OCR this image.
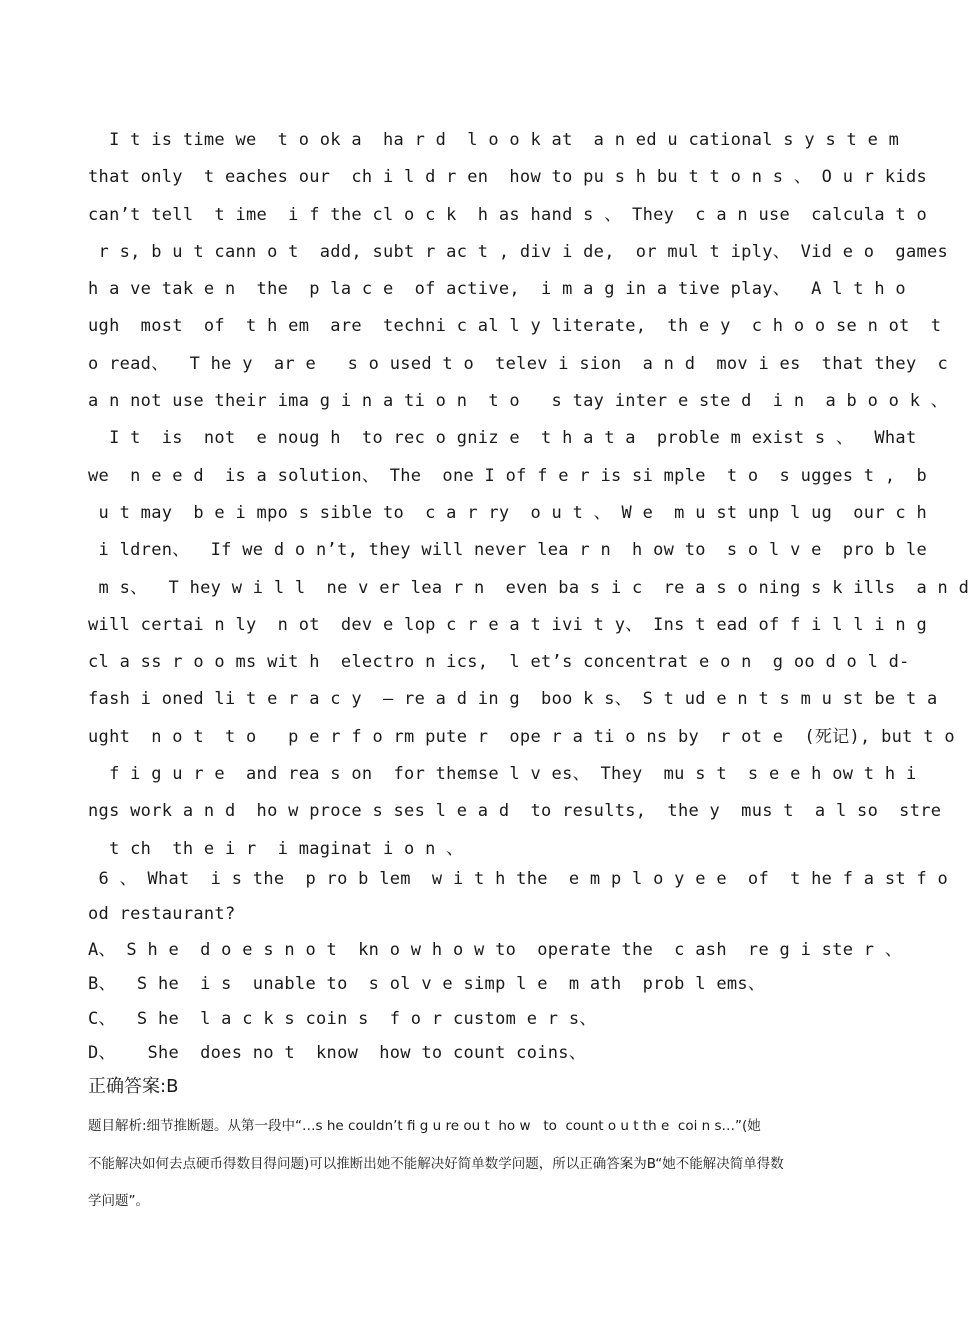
I t is time we  t o ok a  ha r d  l o o k at  a n ed u cational s y s t e m
that only  t eaches our  ch i l d r en  how to pu s h bu t t o n s 、 O u r kids
can’t tell  t ime  i f the cl o c k  h as hand s 、 They  c a n use  calcula t o
r s, b u t cann o t  add, subt r ac t , div i de,  or mul t iply、 Vid e o  games
h a ve tak e n  the  p la c e  of active,  i m a g in a tive play、  A l t h o
ugh  most  of  t h em  are  techni c al l y literate,  th e y  c h o o se n ot  t
o read、  T he y  ar e   s o used t o  telev i sion  a n d  mov i es  that they  c
a n not use their ima g i n a ti o n  t o   s tay inter e ste d  i n  a b o o k 、
I t  is  not  e noug h  to rec o gniz e  t h a t a  proble m exist s 、  What
we  n e e d  is a solution、 The  one I of f e r is si mple  t o  s ugges t ,  b
u t may  b e i mpo s sible to  c a r ry  o u t 、 W e  m u st unp l ug  our c h
i ldren、  If we d o n’t, they will never lea r n  h ow to  s o l v e  pro b le
m s、  T hey w i l l  ne v er lea r n  even ba s i c  re a s o ning s k ills  a n d
will certai n ly  n ot  dev e lop c r e a t ivi t y、 Ins t ead of f i l l i n g
cl a ss r o o ms wit h  electro n ics,  l et’s concentrat e o n  g oo d o l d-
fash i oned li t e r a c y  — re a d in g  boo k s、 S t ud e n t s m u st be t a
ught  n o t  t o   p e r f o rm pute r  ope r a ti o ns by  r ot e  (死记), but t o
f i g u r e  and rea s on  for themse l v es、 They  mu s t  s e e h ow t h i
ngs work a n d  ho w proce s ses l e a d  to results,  the y  mus t  a l so  stre
t ch  th e i r  i maginat i o n 、
6 、 What  i s the  p ro b lem  w i t h the  e m p l o y e e  of  t he f a st f o
od restaurant?
A、 S h e  d o e s n o t  kn o w h o w to  operate the  c ash  re g i ste r 、
B、  S he  i s  unable to  s ol v e simp l e  m ath  prob l ems、
C、  S he  l a c k s coin s  f o r custom e r s、
D、   She  does no t  know  how to count coins、
正确答案:B
题目解析:细节推断题。从第一段中“…s he couldn’t fi g u re ou t  ho w   to  count o u t th e  coi n s…”(她
不能解决如何去点硬币得数目得问题)可以推断出她不能解决好简单数学问题，所以正确答案为B“她不能解决简单得数
学问题”。
